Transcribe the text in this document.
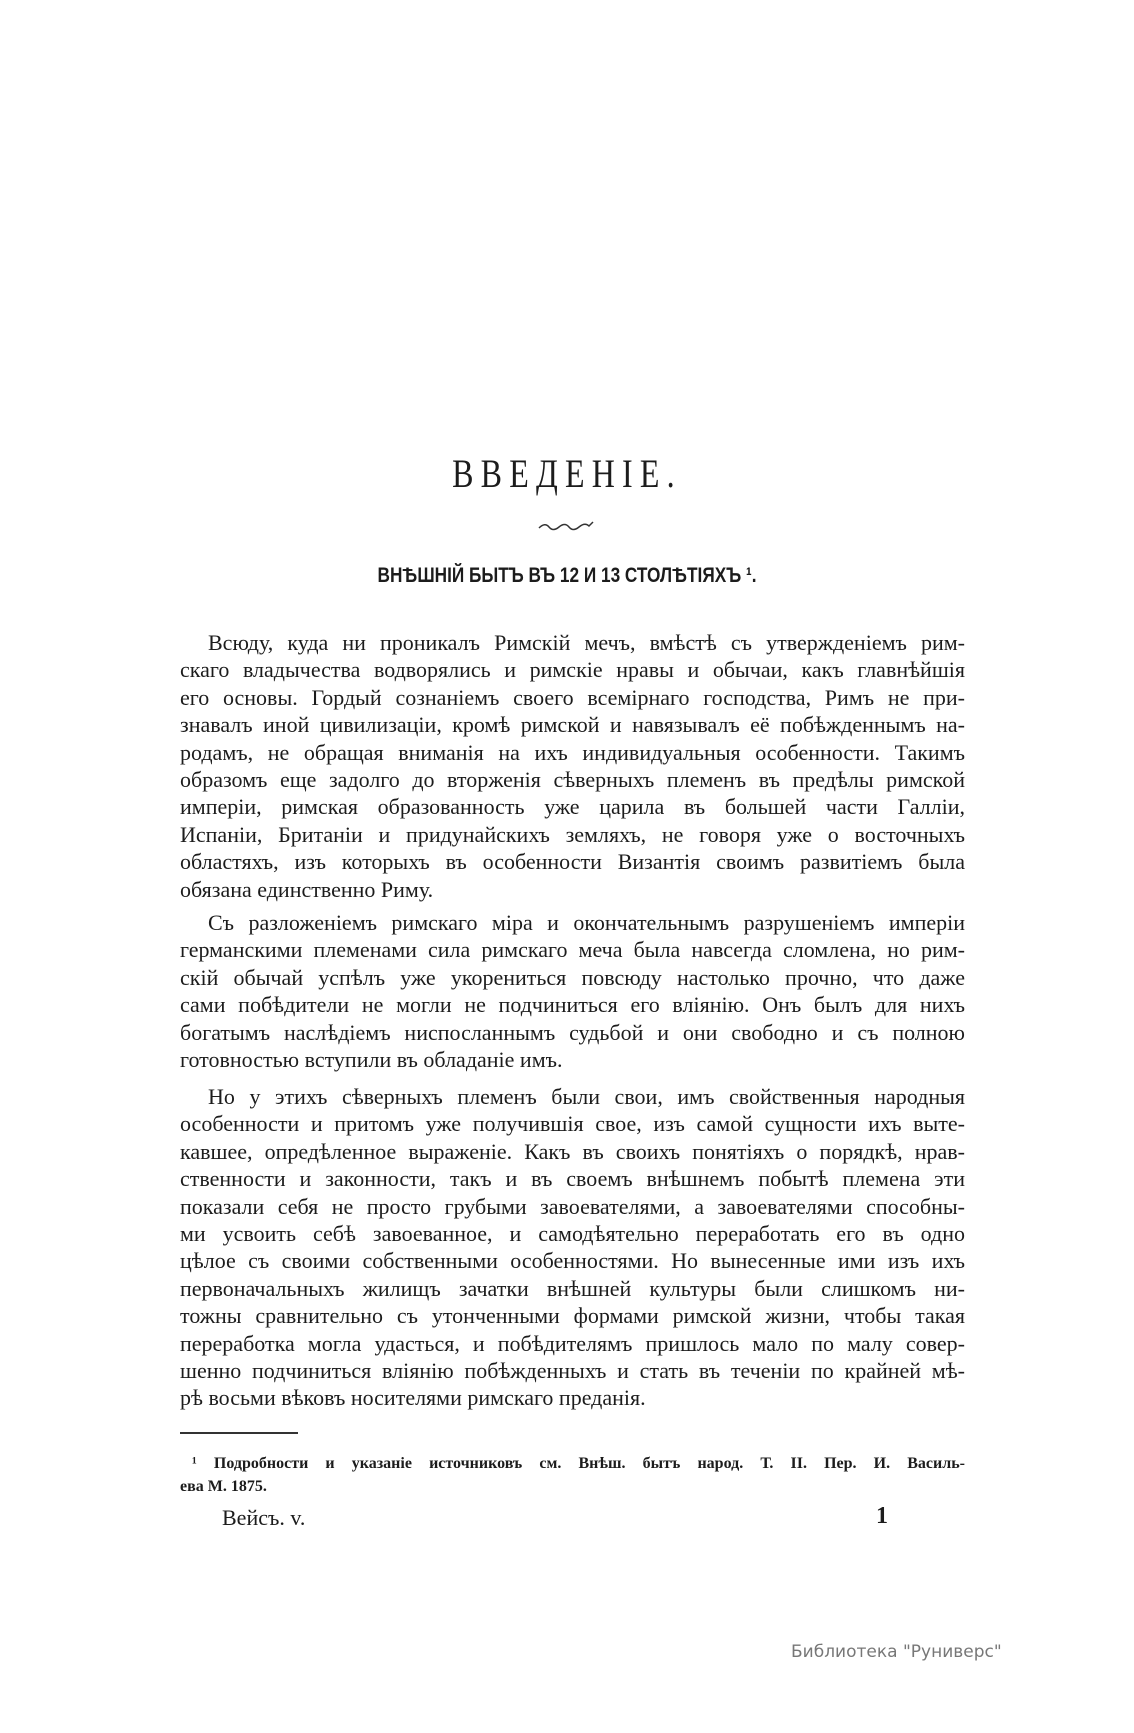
ВВЕДЕНІЕ.
ВНѢШНІЙ БЫТЪ ВЪ 12 И 13 СТОЛѢТІЯХЪ ¹.
Всюду, куда ни проникалъ Римскій мечъ, вмѣстѣ съ утвержденіемъ рим-
скаго владычества водворялись и римскіе нравы и обычаи, какъ главнѣйшія
его основы. Гордый сознаніемъ своего всемірнаго господства, Римъ не при-
знавалъ иной цивилизаціи, кромѣ римской и навязывалъ её побѣжденнымъ на-
родамъ, не обращая вниманія на ихъ индивидуальныя особенности. Такимъ
образомъ еще задолго до вторженія сѣверныхъ племенъ въ предѣлы римской
имперіи, римская образованность уже царила въ большей части Галліи,
Испаніи, Британіи и придунайскихъ земляхъ, не говоря уже о восточныхъ
областяхъ, изъ которыхъ въ особенности Византія своимъ развитіемъ была
обязана единственно Риму.
Съ разложеніемъ римскаго міра и окончательнымъ разрушеніемъ имперіи
германскими племенами сила римскаго меча была навсегда сломлена, но рим-
скій обычай успѣлъ уже укорениться повсюду настолько прочно, что даже
сами побѣдители не могли не подчиниться его вліянію. Онъ былъ для нихъ
богатымъ наслѣдіемъ ниспосланнымъ судьбой и они свободно и съ полною
готовностью вступили въ обладаніе имъ.
Но у этихъ сѣверныхъ племенъ были свои, имъ свойственныя народныя
особенности и притомъ уже получившія свое, изъ самой сущности ихъ выте-
кавшее, опредѣленное выраженіе. Какъ въ своихъ понятіяхъ о порядкѣ, нрав-
ственности и законности, такъ и въ своемъ внѣшнемъ побытѣ племена эти
показали себя не просто грубыми завоевателями, а завоевателями способны-
ми усвоить себѣ завоеванное, и самодѣятельно переработать его въ одно
цѣлое съ своими собственными особенностями. Но вынесенные ими изъ ихъ
первоначальныхъ жилищъ зачатки внѣшней культуры были слишкомъ ни-
тожны сравнительно съ утонченными формами римской жизни, чтобы такая
переработка могла удасться, и побѣдителямъ пришлось мало по малу совер-
шенно подчиниться вліянію побѣжденныхъ и стать въ теченіи по крайней мѣ-
рѣ восьми вѣковъ носителями римскаго преданія.
¹ Подробности и указаніе источниковъ см. Внѣш. бытъ народ. Т. II. Пер. И. Василь-
ева М. 1875.
Вейсъ. v.	1
Библиотека "Руниверс"
